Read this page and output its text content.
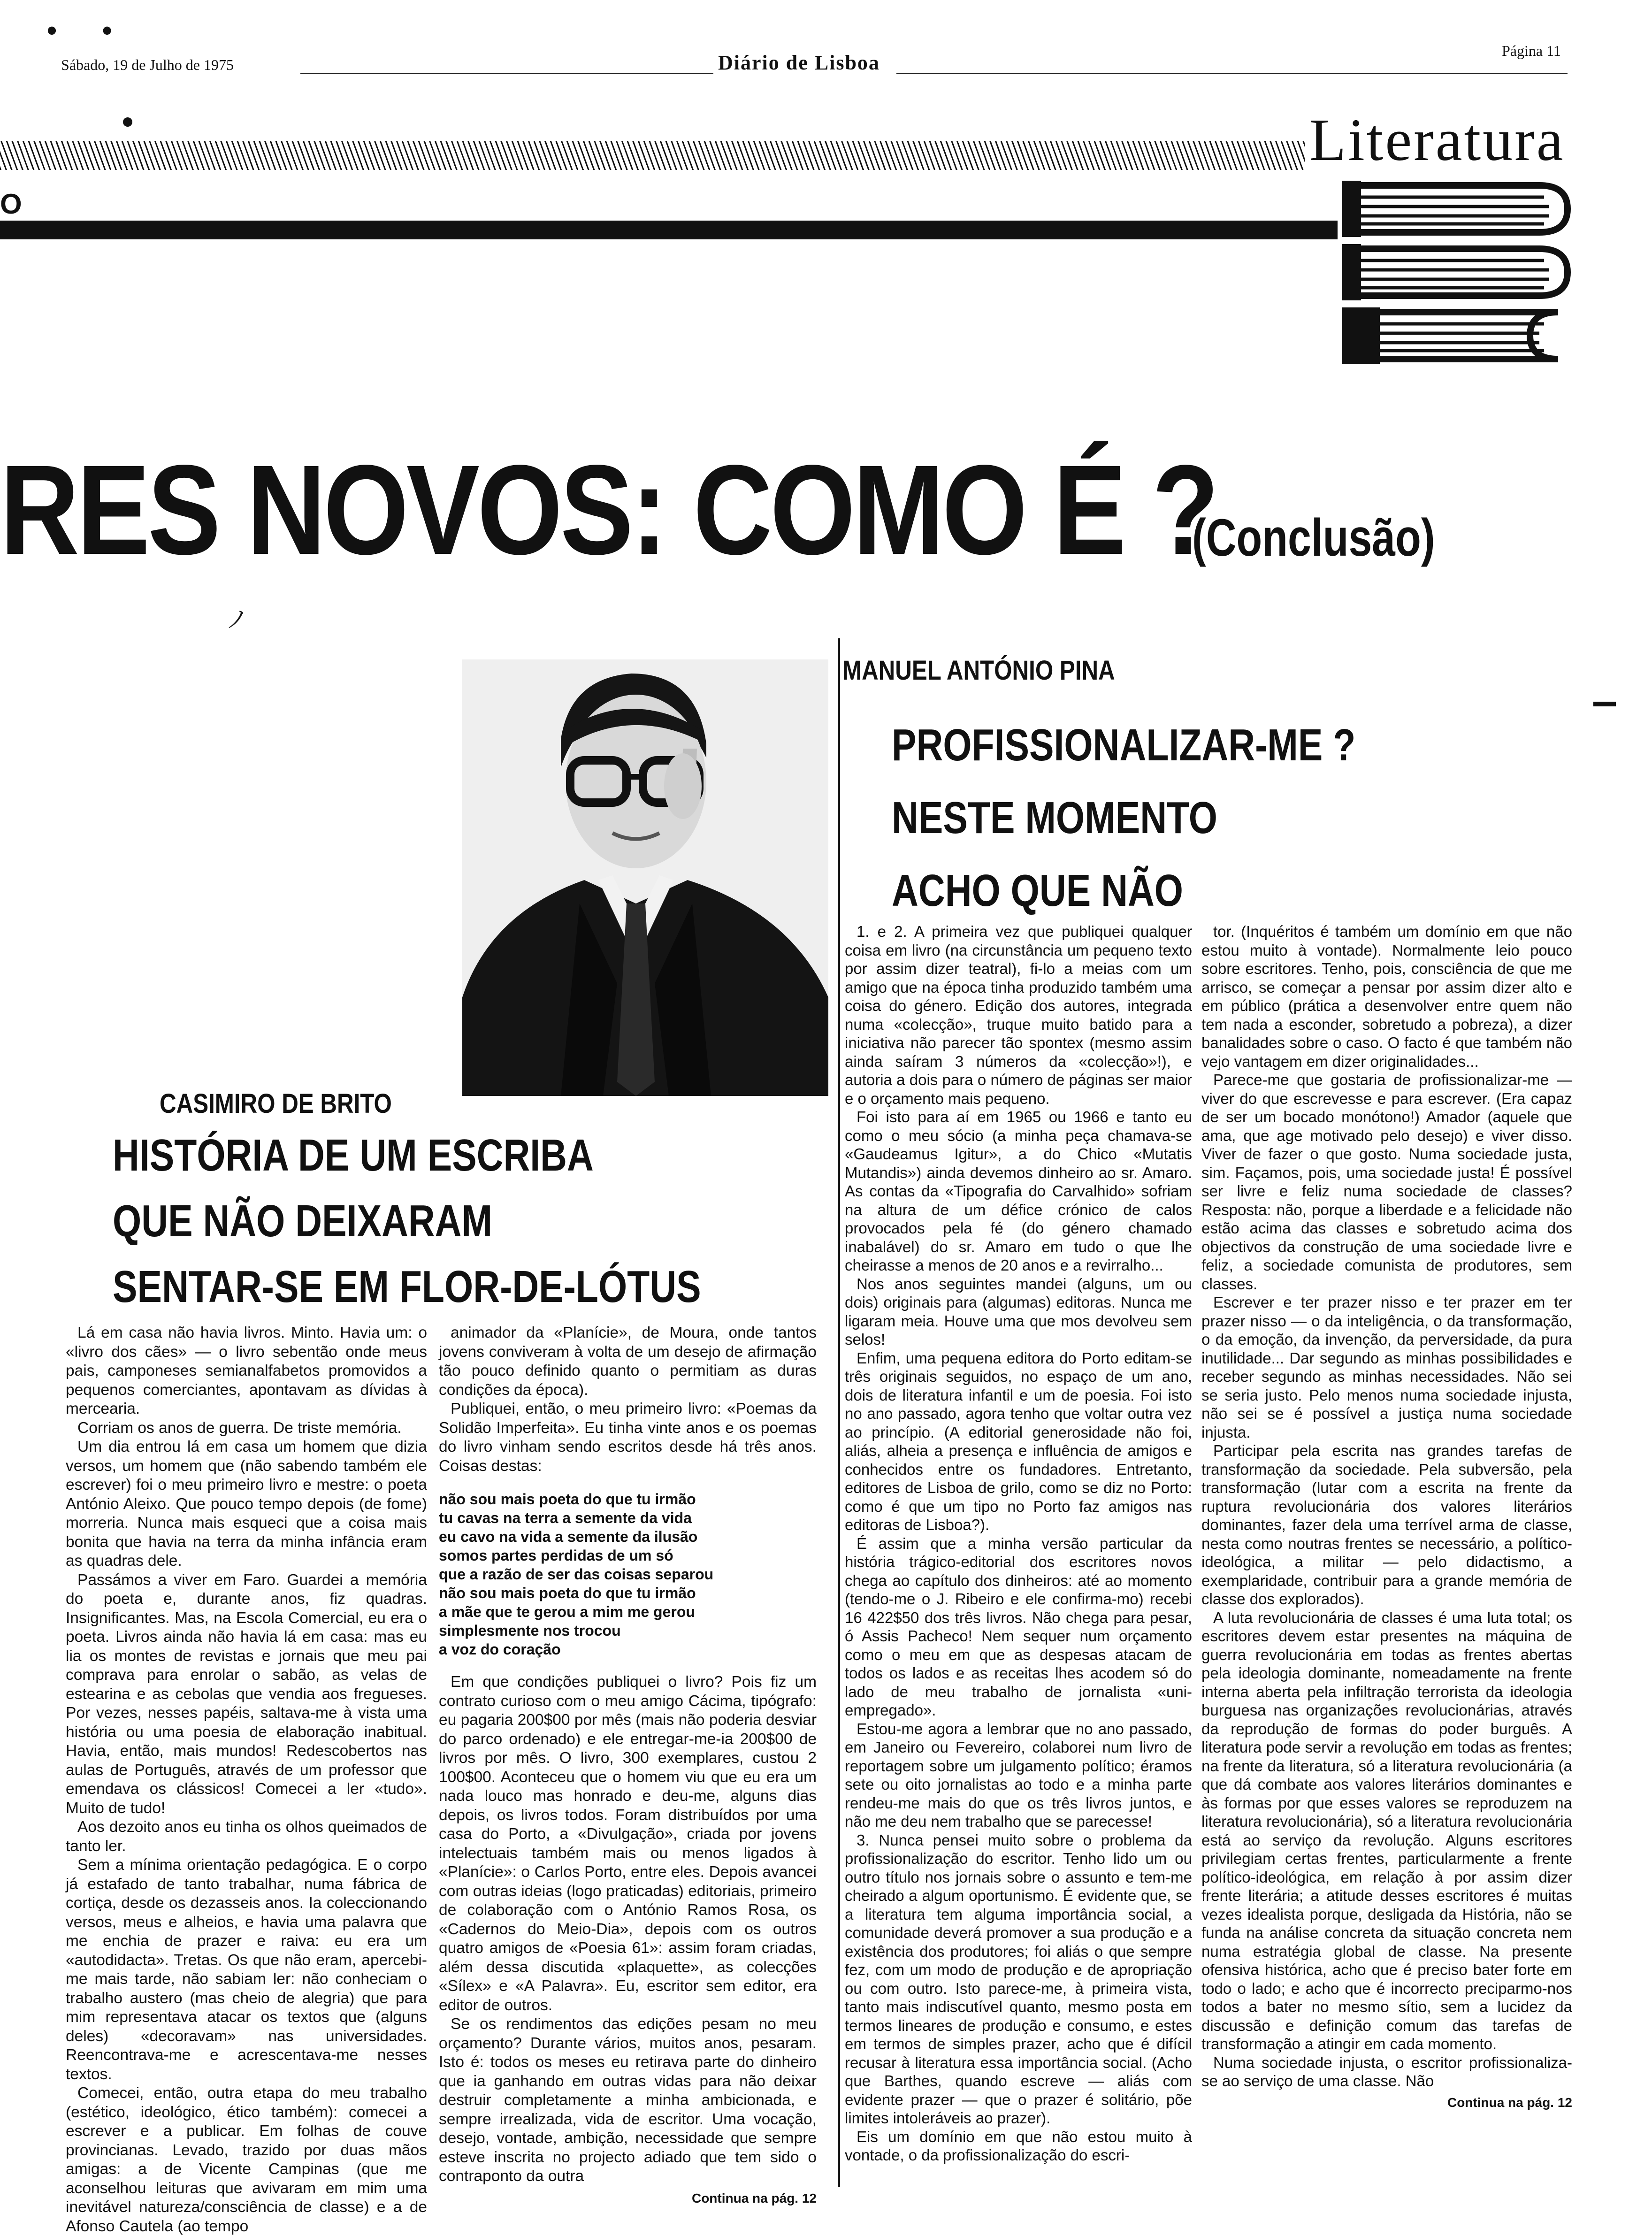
• •
Sábado, 19 de Julho de 1975	Diário de Lisboa
Página 11
Literatura
O
RES NOVOS: COMO É ?
(Conclusão)
ノ
CASIMIRO DE BRITO
HISTÓRIA DE UM ESCRIBA
QUE NÃO DEIXARAM
SENTAR-SE EM FLOR-DE-LÓTUS

Lá em casa não havia livros. Minto. Havia um: o «livro dos cães» — o livro sebentão onde meus pais, camponeses semianalfabetos promovidos a pequenos comerciantes, apontavam as dívidas à mercearia.

Corriam os anos de guerra. De triste memória.

Um dia entrou lá em casa um homem que dizia versos, um homem que (não sabendo também ele escrever) foi o meu primeiro livro e mestre: o poeta António Aleixo. Que pouco tempo depois (de fome) morreria. Nunca mais esqueci que a coisa mais bonita que havia na terra da minha infância eram as quadras dele.

Passámos a viver em Faro. Guardei a memória do poeta e, durante anos, fiz quadras. Insignificantes. Mas, na Escola Comercial, eu era o poeta. Livros ainda não havia lá em casa: mas eu lia os montes de revistas e jornais que meu pai comprava para enrolar o sabão, as velas de estearina e as cebolas que vendia aos fregueses. Por vezes, nesses papéis, saltava-me à vista uma história ou uma poesia de elaboração inabitual. Havia, então, mais mundos! Redescobertos nas aulas de Português, através de um professor que emendava os clássicos! Comecei a ler «tudo». Muito de tudo!

Aos dezoito anos eu tinha os olhos queimados de tanto ler.

Sem a mínima orientação pedagógica. E o corpo já estafado de tanto trabalhar, numa fábrica de cortiça, desde os dezasseis anos. Ia coleccionando versos, meus e alheios, e havia uma palavra que me enchia de prazer e raiva: eu era um «autodidacta». Tretas. Os que não eram, apercebi-me mais tarde, não sabiam ler: não conheciam o trabalho austero (mas cheio de alegria) que para mim representava atacar os textos que (alguns deles) «decoravam» nas universidades. Reencontrava-me e acrescentava-me nesses textos.

Comecei, então, outra etapa do meu trabalho (estético, ideológico, ético também): comecei a escrever e a publicar. Em folhas de couve provincianas. Levado, trazido por duas mãos amigas: a de Vicente Campinas (que me aconselhou leituras que avivaram em mim uma inevitável natureza/consciência de classe) e a de Afonso Cautela (ao tempo

animador da «Planície», de Moura, onde tantos jovens conviveram à volta de um desejo de afirmação tão pouco definido quanto o permitiam as duras condições da época).

Publiquei, então, o meu primeiro livro: «Poemas da Solidão Imperfeita». Eu tinha vinte anos e os poemas do livro vinham sendo escritos desde há três anos. Coisas destas:

não sou mais poeta do que tu irmão
tu cavas na terra a semente da vida
eu cavo na vida a semente da ilusão
somos partes perdidas de um só
que a razão de ser das coisas separou
não sou mais poeta do que tu irmão
a mãe que te gerou a mim me gerou
simplesmente nos trocou
a voz do coração

Em que condições publiquei o livro? Pois fiz um contrato curioso com o meu amigo Cácima, tipógrafo: eu pagaria 200$00 por mês (mais não poderia desviar do parco ordenado) e ele entregar-me-ia 200$00 de livros por mês. O livro, 300 exemplares, custou 2 100$00. Aconteceu que o homem viu que eu era um nada louco mas honrado e deu-me, alguns dias depois, os livros todos. Foram distribuídos por uma casa do Porto, a «Divulgação», criada por jovens intelectuais também mais ou menos ligados à «Planície»: o Carlos Porto, entre eles. Depois avancei com outras ideias (logo praticadas) editoriais, primeiro de colaboração com o António Ramos Rosa, os «Cadernos do Meio-Dia», depois com os outros quatro amigos de «Poesia 61»: assim foram criadas, além dessa discutida «plaquette», as colecções «Sílex» e «A Palavra». Eu, escritor sem editor, era editor de outros.

Se os rendimentos das edições pesam no meu orçamento? Durante vários, muitos anos, pesaram. Isto é: todos os meses eu retirava parte do dinheiro que ia ganhando em outras vidas para não deixar destruir completamente a minha ambicionada, e sempre irrealizada, vida de escritor. Uma vocação, desejo, vontade, ambição, necessidade que sempre esteve inscrita no projecto adiado que tem sido o contraponto da outra

Continua na pág. 12
MANUEL ANTÓNIO PINA
PROFISSIONALIZAR-ME ?
NESTE MOMENTO
ACHO QUE NÃO

1. e 2. A primeira vez que publiquei qualquer coisa em livro (na circunstância um pequeno texto por assim dizer teatral), fi-lo a meias com um amigo que na época tinha produzido também uma coisa do género. Edição dos autores, integrada numa «colecção», truque muito batido para a iniciativa não parecer tão spontex (mesmo assim ainda saíram 3 números da «colecção»!), e autoria a dois para o número de páginas ser maior e o orçamento mais pequeno.

Foi isto para aí em 1965 ou 1966 e tanto eu como o meu sócio (a minha peça chamava-se «Gaudeamus Igitur», a do Chico «Mutatis Mutandis») ainda devemos dinheiro ao sr. Amaro. As contas da «Tipografia do Carvalhido» sofriam na altura de um défice crónico de calos provocados pela fé (do género chamado inabalável) do sr. Amaro em tudo o que lhe cheirasse a menos de 20 anos e a revirralho...

Nos anos seguintes mandei (alguns, um ou dois) originais para (algumas) editoras. Nunca me ligaram meia. Houve uma que mos devolveu sem selos!

Enfim, uma pequena editora do Porto editam-se três originais seguidos, no espaço de um ano, dois de literatura infantil e um de poesia. Foi isto no ano passado, agora tenho que voltar outra vez ao princípio. (A editorial generosidade não foi, aliás, alheia a presença e influência de amigos e conhecidos entre os fundadores. Entretanto, editores de Lisboa de grilo, como se diz no Porto: como é que um tipo no Porto faz amigos nas editoras de Lisboa?).

É assim que a minha versão particular da história trágico-editorial dos escritores novos chega ao capítulo dos dinheiros: até ao momento (tendo-me o J. Ribeiro e ele confirma-mo) recebi 16 422$50 dos três livros. Não chega para pesar, ó Assis Pacheco! Nem sequer num orçamento como o meu em que as despesas atacam de todos os lados e as receitas lhes acodem só do lado de meu trabalho de jornalista «uni-empregado».

Estou-me agora a lembrar que no ano passado, em Janeiro ou Fevereiro, colaborei num livro de reportagem sobre um julgamento político; éramos sete ou oito jornalistas ao todo e a minha parte rendeu-me mais do que os três livros juntos, e não me deu nem trabalho que se parecesse!

3. Nunca pensei muito sobre o problema da profissionalização do escritor. Tenho lido um ou outro título nos jornais sobre o assunto e tem-me cheirado a algum oportunismo. É evidente que, se a literatura tem alguma importância social, a comunidade deverá promover a sua produção e a existência dos produtores; foi aliás o que sempre fez, com um modo de produção e de apropriação ou com outro. Isto parece-me, à primeira vista, tanto mais indiscutível quanto, mesmo posta em termos lineares de produção e consumo, e estes em termos de simples prazer, acho que é difícil recusar à literatura essa importância social. (Acho que Barthes, quando escreve — aliás com evidente prazer — que o prazer é solitário, põe limites intoleráveis ao prazer).

Eis um domínio em que não estou muito à vontade, o da profissionalização do escri-

tor. (Inquéritos é também um domínio em que não estou muito à vontade). Normalmente leio pouco sobre escritores. Tenho, pois, consciência de que me arrisco, se começar a pensar por assim dizer alto e em público (prática a desenvolver entre quem não tem nada a esconder, sobretudo a pobreza), a dizer banalidades sobre o caso. O facto é que também não vejo vantagem em dizer originalidades...

Parece-me que gostaria de profissionalizar-me — viver do que escrevesse e para escrever. (Era capaz de ser um bocado monótono!) Amador (aquele que ama, que age motivado pelo desejo) e viver disso. Viver de fazer o que gosto. Numa sociedade justa, sim. Façamos, pois, uma sociedade justa! É possível ser livre e feliz numa sociedade de classes? Resposta: não, porque a liberdade e a felicidade não estão acima das classes e sobretudo acima dos objectivos da construção de uma sociedade livre e feliz, a sociedade comunista de produtores, sem classes.

Escrever e ter prazer nisso e ter prazer em ter prazer nisso — o da inteligência, o da transformação, o da emoção, da invenção, da perversidade, da pura inutilidade... Dar segundo as minhas possibilidades e receber segundo as minhas necessidades. Não sei se seria justo. Pelo menos numa sociedade injusta, não sei se é possível a justiça numa sociedade injusta.

Participar pela escrita nas grandes tarefas de transformação da sociedade. Pela subversão, pela transformação (lutar com a escrita na frente da ruptura revolucionária dos valores literários dominantes, fazer dela uma terrível arma de classe, nesta como noutras frentes se necessário, a político-ideológica, a militar — pelo didactismo, a exemplaridade, contribuir para a grande memória de classe dos explorados).

A luta revolucionária de classes é uma luta total; os escritores devem estar presentes na máquina de guerra revolucionária em todas as frentes abertas pela ideologia dominante, nomeadamente na frente interna aberta pela infiltração terrorista da ideologia burguesa nas organizações revolucionárias, através da reprodução de formas do poder burguês. A literatura pode servir a revolução em todas as frentes; na frente da literatura, só a literatura revolucionária (a que dá combate aos valores literários dominantes e às formas por que esses valores se reproduzem na literatura revolucionária), só a literatura revolucionária está ao serviço da revolução. Alguns escritores privilegiam certas frentes, particularmente a frente político-ideológica, em relação à por assim dizer frente literária; a atitude desses escritores é muitas vezes idealista porque, desligada da História, não se funda na análise concreta da situação concreta nem numa estratégia global de classe. Na presente ofensiva histórica, acho que é preciso bater forte em todo o lado; e acho que é incorrecto preciparmo-nos todos a bater no mesmo sítio, sem a lucidez da discussão e definição comum das tarefas de transformação a atingir em cada momento.

Numa sociedade injusta, o escritor profissionaliza-se ao serviço de uma classe. Não

Continua na pág. 12
